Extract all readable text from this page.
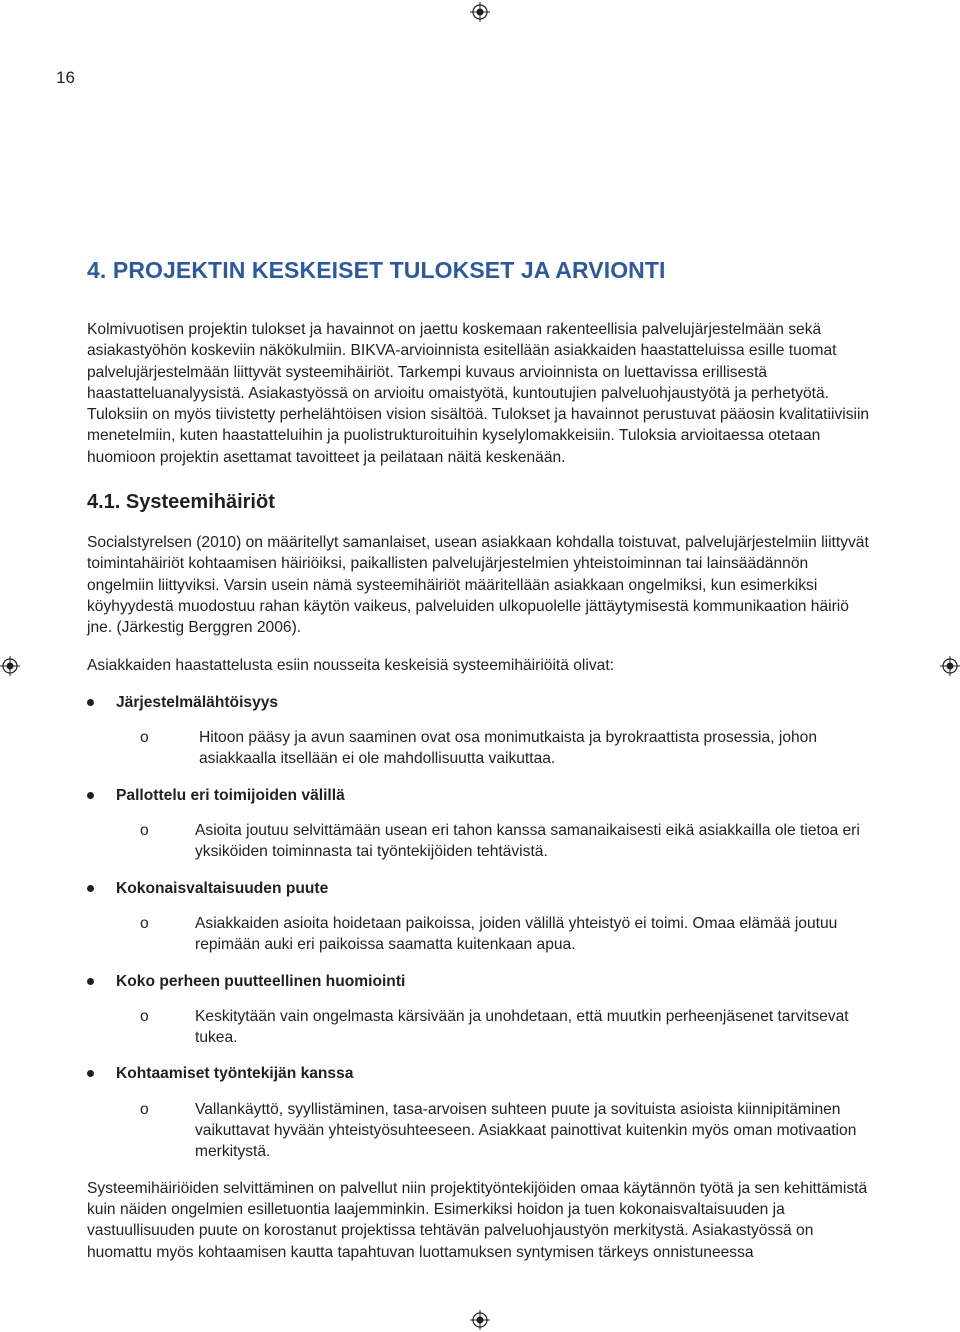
16
4. PROJEKTIN KESKEISET TULOKSET JA ARVIONTI

Kolmivuotisen projektin tulokset ja havainnot on jaettu koskemaan rakenteellisia palvelujärjestelmään sekä asiakastyöhön koskeviin näkökulmiin. BIKVA-arvioinnista esitellään asiakkaiden haastatteluissa esille tuomat palvelujärjestelmään liittyvät systeemihäiriöt. Tarkempi kuvaus arvioinnista on luettavissa erillisestä haastatteluanalyysistä. Asiakastyössä on arvioitu omaistyötä, kuntoutujien palveluohjaustyötä ja perhetyötä. Tuloksiin on myös tiivistetty perhelähtöisen vision sisältöä. Tulokset ja havainnot perustuvat pääosin kvalitatiivisiin menetelmiin, kuten haastatteluihin ja puolistrukturoituihin kyselylomakkeisiin. Tuloksia arvioitaessa otetaan huomioon projektin asettamat tavoitteet ja peilataan näitä keskenään.

4.1. Systeemihäiriöt

Socialstyrelsen (2010) on määritellyt samanlaiset, usean asiakkaan kohdalla toistuvat, palvelujärjestelmiin liittyvät toimintahäiriöt kohtaamisen häiriöiksi, paikallisten palvelujärjestelmien yhteistoiminnan tai lainsäädännön ongelmiin liittyviksi. Varsin usein nämä systeemihäiriöt määritellään asiakkaan ongelmiksi, kun esimerkiksi köyhyydestä muodostuu rahan käytön vaikeus, palveluiden ulkopuolelle jättäytymisestä kommunikaation häiriö jne. (Järkestig Berggren 2006).

Asiakkaiden haastattelusta esiin nousseita keskeisiä systeemihäiriöitä olivat:

Järjestelmälähtöisyys
o	Hitoon pääsy ja avun saaminen ovat osa monimutkaista ja byrokraattista prosessia, johon asiakkaalla itsellään ei ole mahdollisuutta vaikuttaa.
Pallottelu eri toimijoiden välillä
o	Asioita joutuu selvittämään usean eri tahon kanssa samanaikaisesti eikä asiakkailla ole tietoa eri yksiköiden toiminnasta tai työntekijöiden tehtävistä.
Kokonaisvaltaisuuden puute
o	Asiakkaiden asioita hoidetaan paikoissa, joiden välillä yhteistyö ei toimi. Omaa elämää joutuu repimään auki eri paikoissa saamatta kuitenkaan apua.
Koko perheen puutteellinen huomiointi
o	Keskitytään vain ongelmasta kärsivään ja unohdetaan, että muutkin perheenjäsenet tarvitsevat tukea.
Kohtaamiset työntekijän kanssa
o	Vallankäyttö, syyllistäminen, tasa-arvoisen suhteen puute ja sovituista asioista kiinnipitäminen vaikuttavat hyvään yhteistyösuhteeseen. Asiakkaat painottivat kuitenkin myös oman motivaation merkitystä.

Systeemihäiriöiden selvittäminen on palvellut niin projektityöntekijöiden omaa käytännön työtä ja sen kehittämistä kuin näiden ongelmien esilletuontia laajemminkin. Esimerkiksi hoidon ja tuen kokonaisvaltaisuuden ja vastuullisuuden puute on korostanut projektissa tehtävän palveluohjaustyön merkitystä. Asiakastyössä on huomattu myös kohtaamisen kautta tapahtuvan luottamuksen syntymisen tärkeys onnistuneessa
